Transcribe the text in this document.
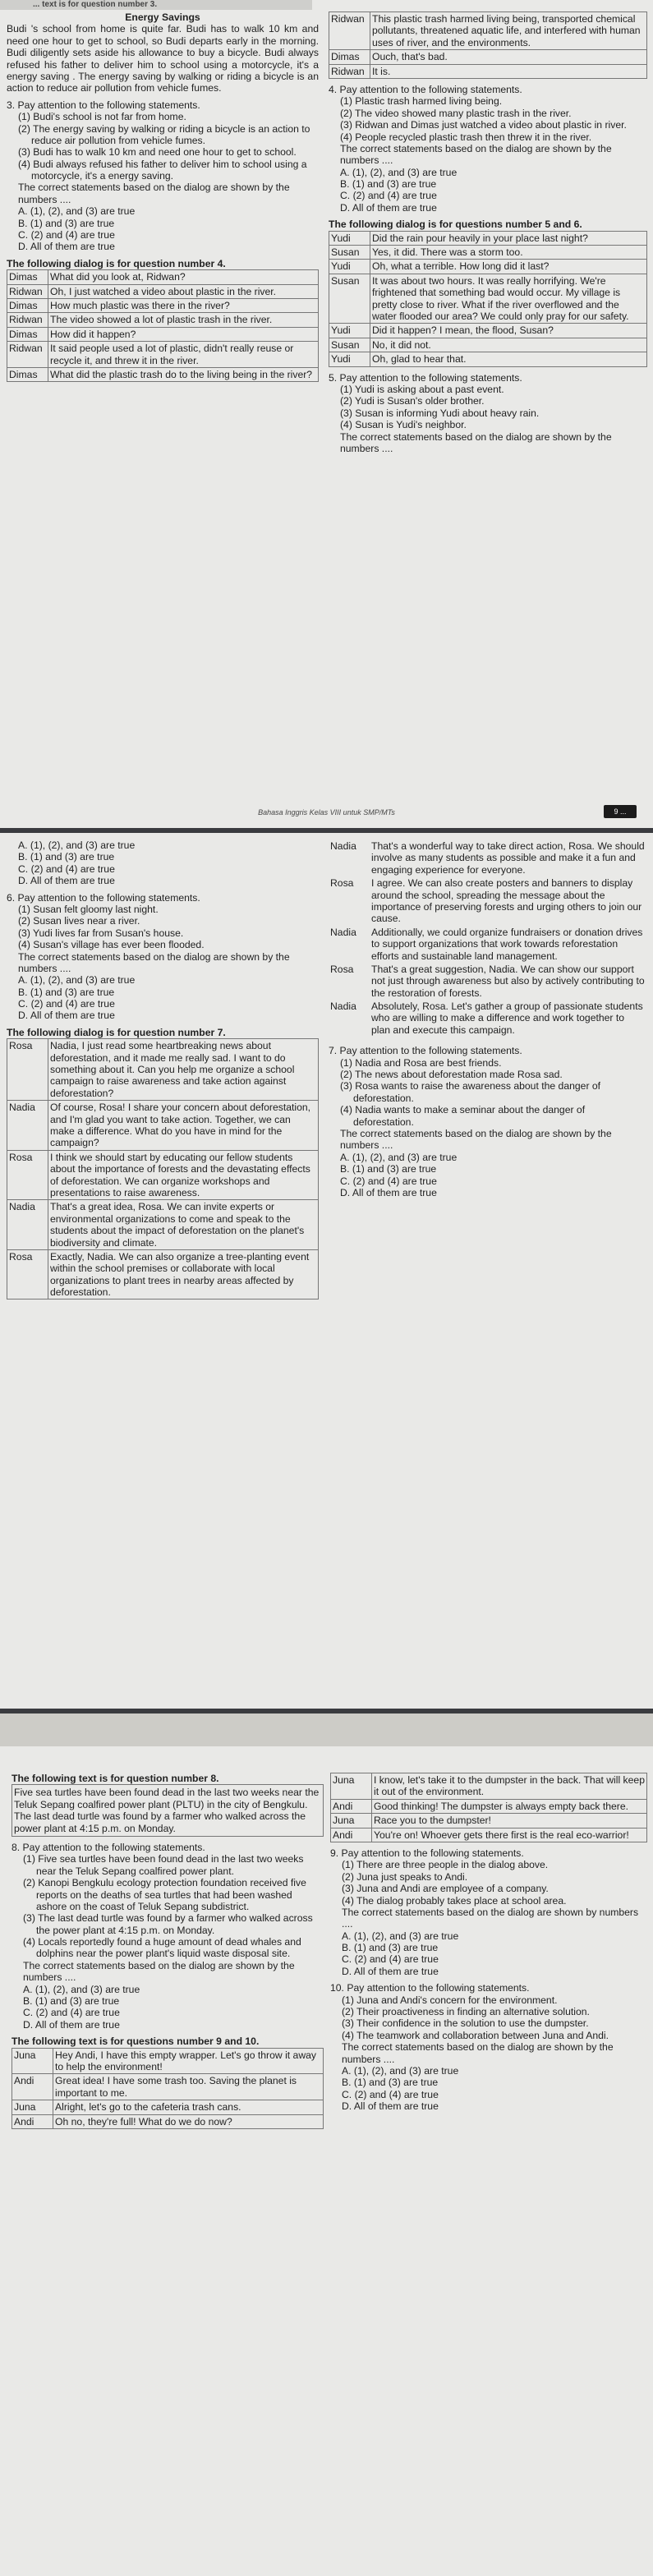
... text is for question number 3.
Energy Savings
Budi 's school from home is quite far. Budi has to walk 10 km and need one hour to get to school, so Budi departs early in the morning. Budi diligently sets aside his allowance to buy a bicycle. Budi always refused his father to deliver him to school using a motorcycle, it's a energy saving . The energy saving by walking or riding a bicycle is an action to reduce air pollution from vehicle fumes.
3. Pay attention to the following statements.
(1) Budi's school is not far from home.
(2) The energy saving by walking or riding a bicycle is an action to reduce air pollution from vehicle fumes.
(3) Budi has to walk 10 km and need one hour to get to school.
(4) Budi always refused his father to deliver him to school using a motorcycle, it's a energy saving.
The correct statements based on the dialog are shown by the numbers ....
A. (1), (2), and (3) are true
B. (1) and (3) are true
C. (2) and (4) are true
D. All of them are true
The following dialog is for question number 4.
Dimas	What did you look at, Ridwan?
Ridwan	Oh, I just watched a video about plastic in the river.
Dimas	How much plastic was there in the river?
Ridwan	The video showed a lot of plastic trash in the river.
Dimas	How did it happen?
Ridwan	It said people used a lot of plastic, didn't really reuse or recycle it, and threw it in the river.
Dimas	What did the plastic trash do to the living being in the river?
Ridwan	This plastic trash harmed living being, transported chemical pollutants, threatened aquatic life, and interfered with human uses of river, and the environments.
Dimas	Ouch, that's bad.
Ridwan	It is.
4. Pay attention to the following statements.
(1) Plastic trash harmed living being.
(2) The video showed many plastic trash in the river.
(3) Ridwan and Dimas just watched a video about plastic in river.
(4) People recycled plastic trash then threw it in the river.
The correct statements based on the dialog are shown by the numbers ....
A. (1), (2), and (3) are true
B. (1) and (3) are true
C. (2) and (4) are true
D. All of them are true
The following dialog is for questions number 5 and 6.
Yudi	Did the rain pour heavily in your place last night?
Susan	Yes, it did. There was a storm too.
Yudi	Oh, what a terrible. How long did it last?
Susan	It was about two hours. It was really horrifying. We're frightened that something bad would occur. My village is pretty close to river. What if the river overflowed and the water flooded our area? We could only pray for our safety.
Yudi	Did it happen? I mean, the flood, Susan?
Susan	No, it did not.
Yudi	Oh, glad to hear that.
5. Pay attention to the following statements.
(1) Yudi is asking about a past event.
(2) Yudi is Susan's older brother.
(3) Susan is informing Yudi about heavy rain.
(4) Susan is Yudi's neighbor.
The correct statements based on the dialog are shown by the numbers ....
Bahasa Inggris Kelas VIII untuk SMP/MTs	9 ...
A. (1), (2), and (3) are true
B. (1) and (3) are true
C. (2) and (4) are true
D. All of them are true
6. Pay attention to the following statements.
(1) Susan felt gloomy last night.
(2) Susan lives near a river.
(3) Yudi lives far from Susan's house.
(4) Susan's village has ever been flooded.
The correct statements based on the dialog are shown by the numbers ....
A. (1), (2), and (3) are true
B. (1) and (3) are true
C. (2) and (4) are true
D. All of them are true
The following dialog is for question number 7.
Rosa	Nadia, I just read some heartbreaking news about deforestation, and it made me really sad. I want to do something about it. Can you help me organize a school campaign to raise awareness and take action against deforestation?
Nadia	Of course, Rosa! I share your concern about deforestation, and I'm glad you want to take action. Together, we can make a difference. What do you have in mind for the campaign?
Rosa	I think we should start by educating our fellow students about the importance of forests and the devastating effects of deforestation. We can organize workshops and presentations to raise awareness.
Nadia	That's a great idea, Rosa. We can invite experts or environmental organizations to come and speak to the students about the impact of deforestation on the planet's biodiversity and climate.
Rosa	Exactly, Nadia. We can also organize a tree-planting event within the school premises or collaborate with local organizations to plant trees in nearby areas affected by deforestation.
Nadia	That's a wonderful way to take direct action, Rosa. We should involve as many students as possible and make it a fun and engaging experience for everyone.
Rosa	I agree. We can also create posters and banners to display around the school, spreading the message about the importance of preserving forests and urging others to join our cause.
Nadia	Additionally, we could organize fundraisers or donation drives to support organizations that work towards reforestation efforts and sustainable land management.
Rosa	That's a great suggestion, Nadia. We can show our support not just through awareness but also by actively contributing to the restoration of forests.
Nadia	Absolutely, Rosa. Let's gather a group of passionate students who are willing to make a difference and work together to plan and execute this campaign.
7. Pay attention to the following statements.
(1) Nadia and Rosa are best friends.
(2) The news about deforestation made Rosa sad.
(3) Rosa wants to raise the awareness about the danger of deforestation.
(4) Nadia wants to make a seminar about the danger of deforestation.
The correct statements based on the dialog are shown by the numbers ....
A. (1), (2), and (3) are true
B. (1) and (3) are true
C. (2) and (4) are true
D. All of them are true
The following text is for question number 8.
Five sea turtles have been found dead in the last two weeks near the Teluk Sepang coalfired power plant (PLTU) in the city of Bengkulu. The last dead turtle was found by a farmer who walked across the power plant at 4:15 p.m. on Monday.
8. Pay attention to the following statements.
(1) Five sea turtles have been found dead in the last two weeks near the Teluk Sepang coalfired power plant.
(2) Kanopi Bengkulu ecology protection foundation received five reports on the deaths of sea turtles that had been washed ashore on the coast of Teluk Sepang subdistrict.
(3) The last dead turtle was found by a farmer who walked across the power plant at 4:15 p.m. on Monday.
(4) Locals reportedly found a huge amount of dead whales and dolphins near the power plant's liquid waste disposal site.
The correct statements based on the dialog are shown by the numbers ....
A. (1), (2), and (3) are true
B. (1) and (3) are true
C. (2) and (4) are true
D. All of them are true
The following text is for questions number 9 and 10.
Juna	Hey Andi, I have this empty wrapper. Let's go throw it away to help the environment!
Andi	Great idea! I have some trash too. Saving the planet is important to me.
Juna	Alright, let's go to the cafeteria trash cans.
Andi	Oh no, they're full! What do we do now?
Juna	I know, let's take it to the dumpster in the back. That will keep it out of the environment.
Andi	Good thinking! The dumpster is always empty back there.
Juna	Race you to the dumpster!
Andi	You're on! Whoever gets there first is the real eco-warrior!
9. Pay attention to the following statements.
(1) There are three people in the dialog above.
(2) Juna just speaks to Andi.
(3) Juna and Andi are employee of a company.
(4) The dialog probably takes place at school area.
The correct statements based on the dialog are shown by numbers ....
A. (1), (2), and (3) are true
B. (1) and (3) are true
C. (2) and (4) are true
D. All of them are true
10. Pay attention to the following statements.
(1) Juna and Andi's concern for the environment.
(2) Their proactiveness in finding an alternative solution.
(3) Their confidence in the solution to use the dumpster.
(4) The teamwork and collaboration between Juna and Andi.
The correct statements based on the dialog are shown by the numbers ....
A. (1), (2), and (3) are true
B. (1) and (3) are true
C. (2) and (4) are true
D. All of them are true
